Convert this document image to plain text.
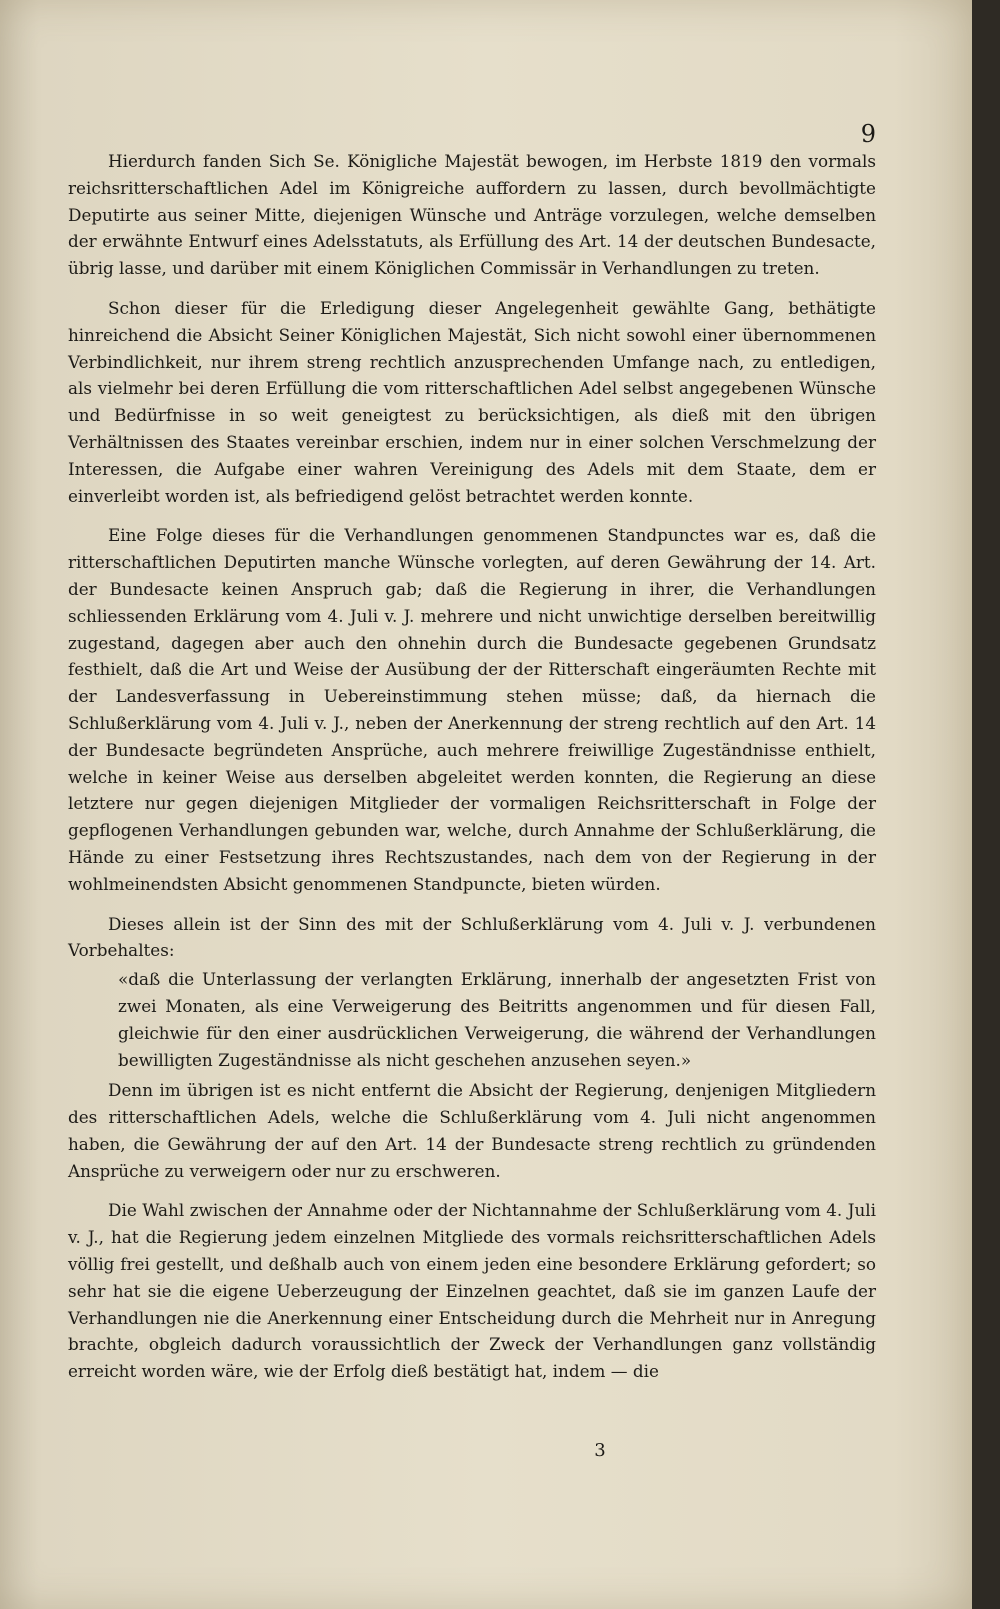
9

Hierdurch fanden Sich Se. Königliche Majestät bewogen, im Herbste 1819 den vormals reichsritterschaftlichen Adel im Königreiche auffordern zu lassen, durch bevollmächtigte Deputirte aus seiner Mitte, diejenigen Wünsche und Anträge vorzulegen, welche demselben der erwähnte Entwurf eines Adelsstatuts, als Erfüllung des Art. 14 der deutschen Bundesacte, übrig lasse, und darüber mit einem Königlichen Commissär in Verhandlungen zu treten.

Schon dieser für die Erledigung dieser Angelegenheit gewählte Gang, bethätigte hinreichend die Absicht Seiner Königlichen Majestät, Sich nicht sowohl einer übernommenen Verbindlichkeit, nur ihrem streng rechtlich anzusprechenden Umfange nach, zu entledigen, als vielmehr bei deren Erfüllung die vom ritterschaftlichen Adel selbst angegebenen Wünsche und Bedürfnisse in so weit geneigtest zu berücksichtigen, als dieß mit den übrigen Verhältnissen des Staates vereinbar erschien, indem nur in einer solchen Verschmelzung der Interessen, die Aufgabe einer wahren Vereinigung des Adels mit dem Staate, dem er einverleibt worden ist, als befriedigend gelöst betrachtet werden konnte.

Eine Folge dieses für die Verhandlungen genommenen Standpunctes war es, daß die ritterschaftlichen Deputirten manche Wünsche vorlegten, auf deren Gewährung der 14. Art. der Bundesacte keinen Anspruch gab; daß die Regierung in ihrer, die Verhandlungen schliessenden Erklärung vom 4. Juli v. J. mehrere und nicht unwichtige derselben bereitwillig zugestand, dagegen aber auch den ohnehin durch die Bundesacte gegebenen Grundsatz festhielt, daß die Art und Weise der Ausübung der der Ritterschaft eingeräumten Rechte mit der Landesverfassung in Uebereinstimmung stehen müsse; daß, da hiernach die Schlußerklärung vom 4. Juli v. J., neben der Anerkennung der streng rechtlich auf den Art. 14 der Bundesacte begründeten Ansprüche, auch mehrere freiwillige Zugeständnisse enthielt, welche in keiner Weise aus derselben abgeleitet werden konnten, die Regierung an diese letztere nur gegen diejenigen Mitglieder der vormaligen Reichsritterschaft in Folge der gepflogenen Verhandlungen gebunden war, welche, durch Annahme der Schlußerklärung, die Hände zu einer Festsetzung ihres Rechtszustandes, nach dem von der Regierung in der wohlmeinendsten Absicht genommenen Standpuncte, bieten würden.

Dieses allein ist der Sinn des mit der Schlußerklärung vom 4. Juli v. J. verbundenen Vorbehaltes:

«daß die Unterlassung der verlangten Erklärung, innerhalb der angesetzten Frist von zwei Monaten, als eine Verweigerung des Beitritts angenommen und für diesen Fall, gleichwie für den einer ausdrücklichen Verweigerung, die während der Verhandlungen bewilligten Zugeständnisse als nicht geschehen anzusehen seyen.»

Denn im übrigen ist es nicht entfernt die Absicht der Regierung, denjenigen Mitgliedern des ritterschaftlichen Adels, welche die Schlußerklärung vom 4. Juli nicht angenommen haben, die Gewährung der auf den Art. 14 der Bundesacte streng rechtlich zu gründenden Ansprüche zu verweigern oder nur zu erschweren.

Die Wahl zwischen der Annahme oder der Nichtannahme der Schlußerklärung vom 4. Juli v. J., hat die Regierung jedem einzelnen Mitgliede des vormals reichsritterschaftlichen Adels völlig frei gestellt, und deßhalb auch von einem jeden eine besondere Erklärung gefordert; so sehr hat sie die eigene Ueberzeugung der Einzelnen geachtet, daß sie im ganzen Laufe der Verhandlungen nie die Anerkennung einer Entscheidung durch die Mehrheit nur in Anregung brachte, obgleich dadurch voraussichtlich der Zweck der Verhandlungen ganz vollständig erreicht worden wäre, wie der Erfolg dieß bestätigt hat, indem — die

3
